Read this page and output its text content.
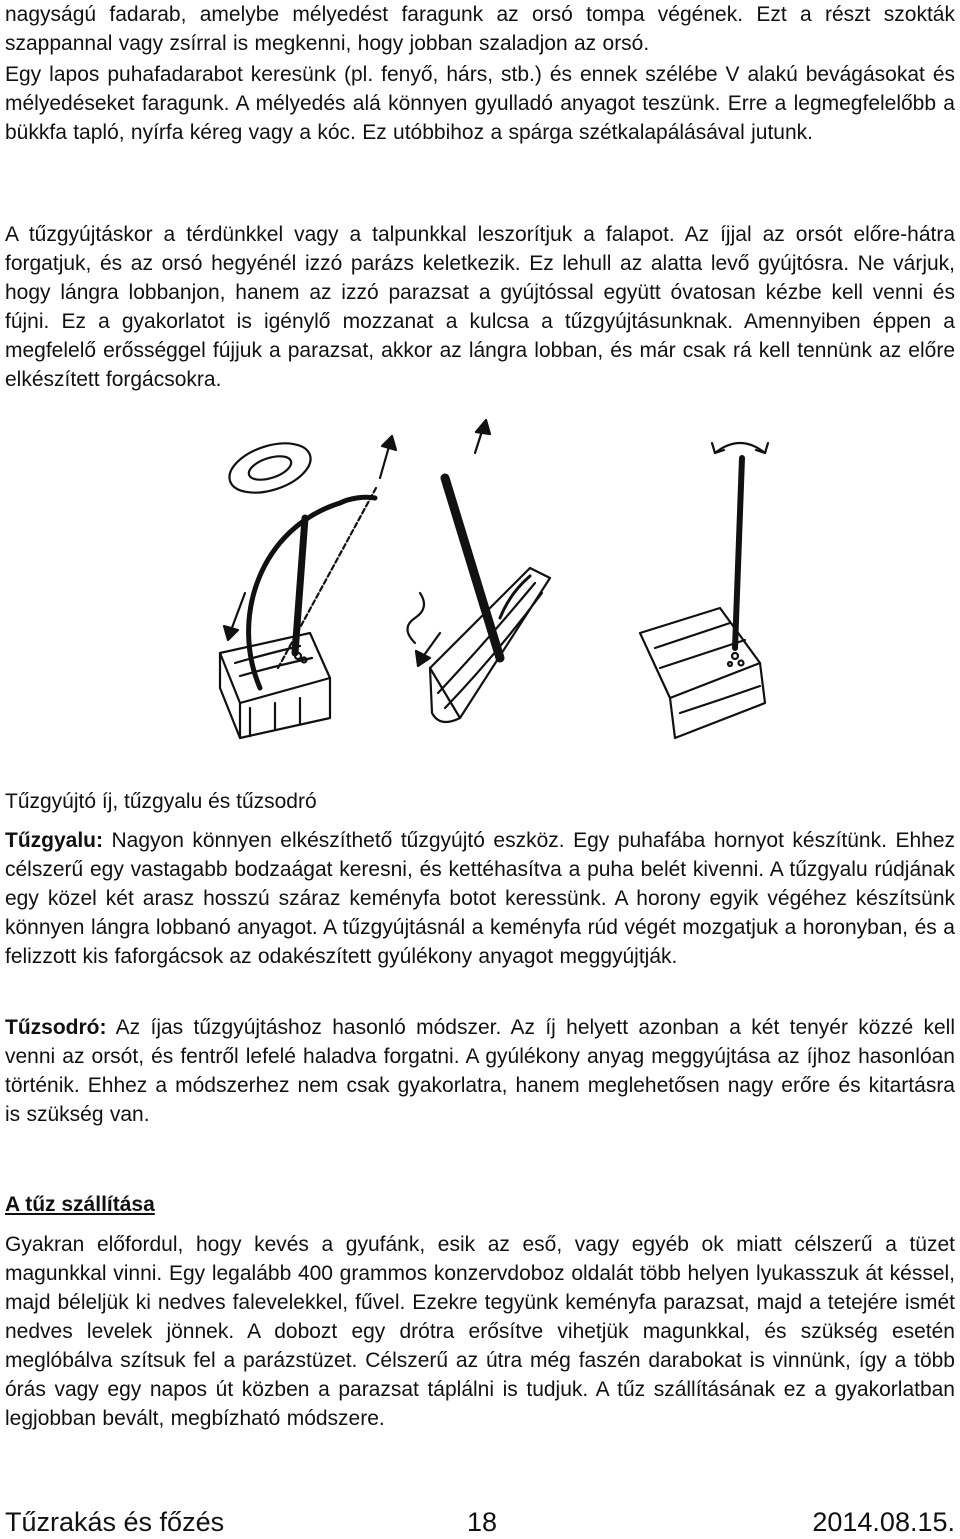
nagyságú fadarab, amelybe mélyedést faragunk az orsó tompa végének. Ezt a részt szokták szappannal vagy zsírral is megkenni, hogy jobban szaladjon az orsó.

Egy lapos puhafadarabot keresünk (pl. fenyő, hárs, stb.) és ennek szélébe V alakú bevágásokat és mélyedéseket faragunk. A mélyedés alá könnyen gyulladó anyagot teszünk. Erre a legmegfelelőbb a bükkfa tapló, nyírfa kéreg vagy a kóc. Ez utóbbihoz a spárga szétkalapálásával jutunk.

A tűzgyújtáskor a térdünkkel vagy a talpunkkal leszorítjuk a falapot. Az íjjal az orsót előre-hátra forgatjuk, és az orsó hegyénél izzó parázs keletkezik. Ez lehull az alatta levő gyújtósra. Ne várjuk, hogy lángra lobbanjon, hanem az izzó parazsat a gyújtóssal együtt óvatosan kézbe kell venni és fújni. Ez a gyakorlatot is igénylő mozzanat a kulcsa a tűzgyújtásunknak. Amennyiben éppen a megfelelő erősséggel fújjuk a parazsat, akkor az lángra lobban, és már csak rá kell tennünk az előre elkészített forgácsokra.

Tűzgyújtó íj, tűzgyalu és tűzsodró

Tűzgyalu: Nagyon könnyen elkészíthető tűzgyújtó eszköz. Egy puhafába hornyot készítünk. Ehhez célszerű egy vastagabb bodzaágat keresni, és kettéhasítva a puha belét kivenni. A tűzgyalu rúdjának egy közel két arasz hosszú száraz keményfa botot keressünk. A horony egyik végéhez készítsünk könnyen lángra lobbanó anyagot. A tűzgyújtásnál a keményfa rúd végét mozgatjuk a horonyban, és a felizzott kis faforgácsok az odakészített gyúlékony anyagot meggyújtják.

Tűzsodró: Az íjas tűzgyújtáshoz hasonló módszer. Az íj helyett azonban a két tenyér közzé kell venni az orsót, és fentről lefelé haladva forgatni. A gyúlékony anyag meggyújtása az íjhoz hasonlóan történik. Ehhez a módszerhez nem csak gyakorlatra, hanem meglehetősen nagy erőre és kitartásra is szükség van.

A tűz szállítása

Gyakran előfordul, hogy kevés a gyufánk, esik az eső, vagy egyéb ok miatt célszerű a tüzet magunkkal vinni. Egy legalább 400 grammos konzervdoboz oldalát több helyen lyukasszuk át késsel, majd béleljük ki nedves falevelekkel, fűvel. Ezekre tegyünk keményfa parazsat, majd a tetejére ismét nedves levelek jönnek. A dobozt egy drótra erősítve vihetjük magunkkal, és szükség esetén meglóbálva szítsuk fel a parázstüzet. Célszerű az útra még faszén darabokat is vinnünk, így a több órás vagy egy napos út közben a parazsat táplálni is tudjuk. A tűz szállításának ez a gyakorlatban legjobban bevált, megbízható módszere.

Tűzrakás és főzés	18	2014.08.15.
